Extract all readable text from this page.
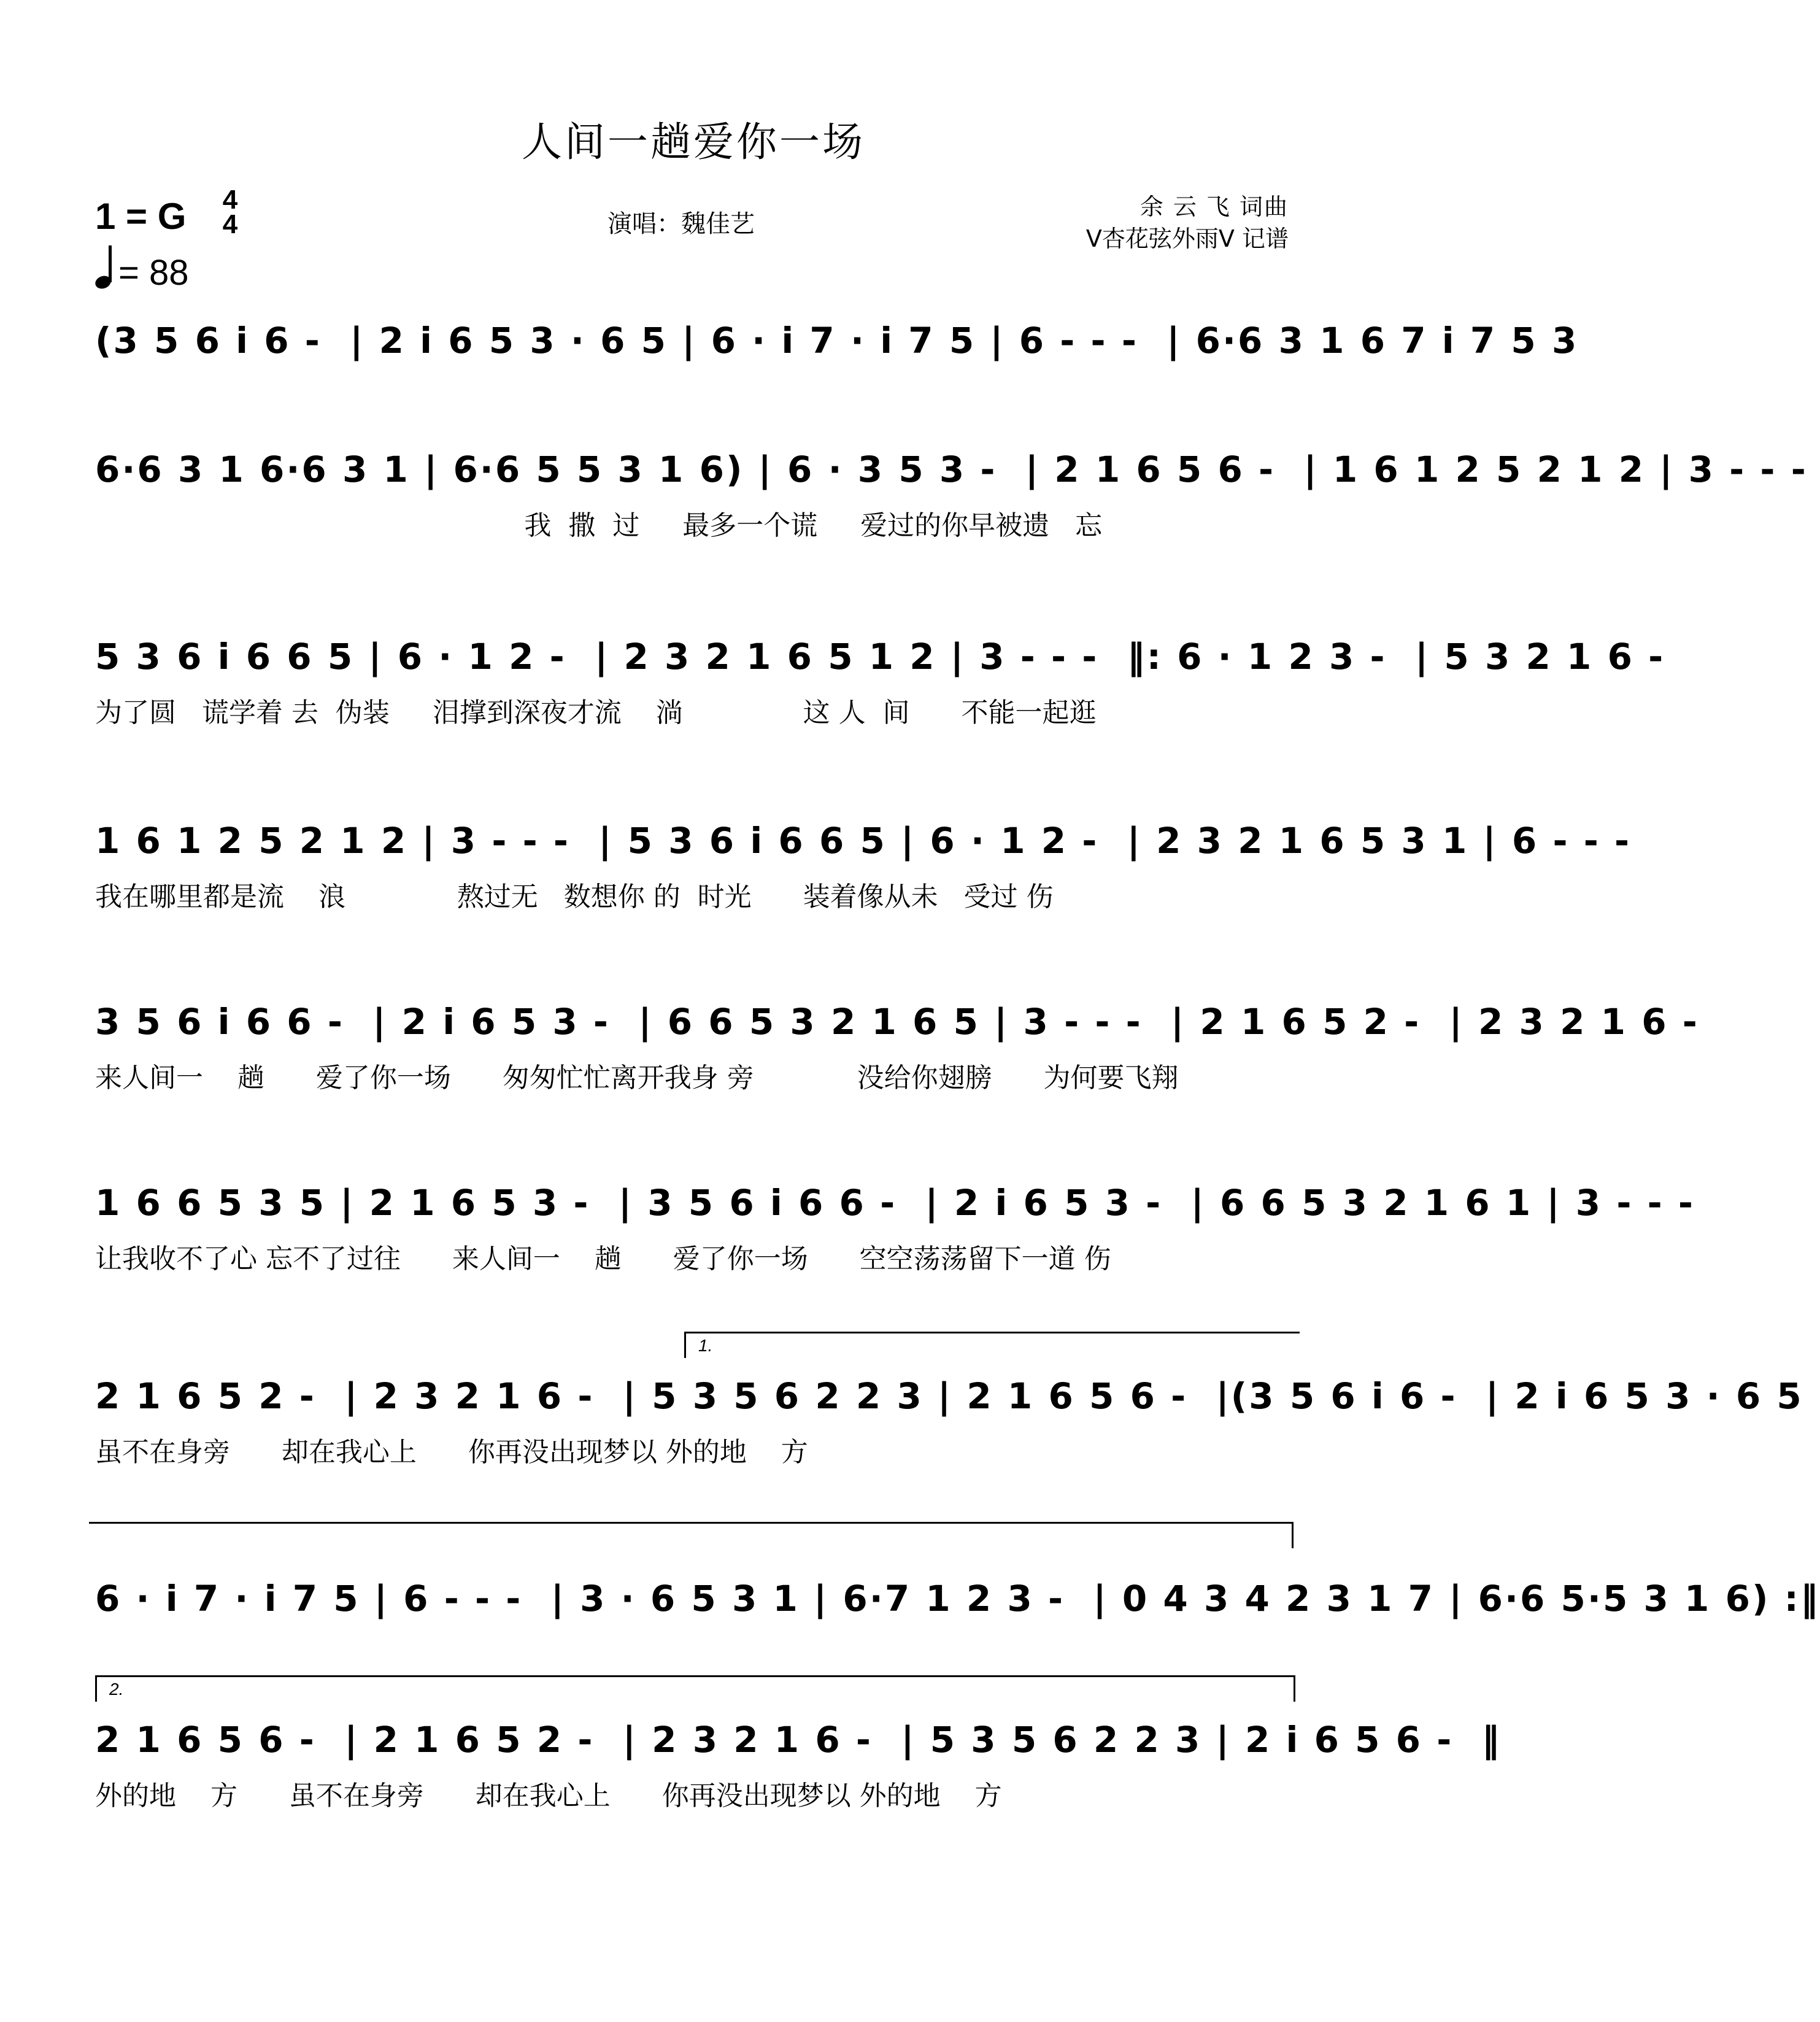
人间一趟爱你一场
1 = G 4
4
= 88
演唱：魏佳艺
余 云 飞 词曲
V杏花弦外雨V 记谱
(3 5 6 i 6 -  | 2 i 6 5 3 · 6 5 | 6 · i 7 · i 7 5 | 6 - - -  | 6·6 3 1 6 7 i 7 5 3
6·6 3 1 6·6 3 1 | 6·6 5 5 3 1 6) | 6 · 3 5 3 -  | 2 1 6 5 6 -  | 1 6 1 2 5 2 1 2 | 3 - - -
我  撒  过     最多一个谎     爱过的你早被遗   忘
5 3 6 i 6 6 5 | 6 · 1 2 -  | 2 3 2 1 6 5 1 2 | 3 - - -  ‖: 6 · 1 2 3 -  | 5 3 2 1 6 -
为了圆   谎学着 去  伪装     泪撑到深夜才流    淌              这 人  间      不能一起逛
1 6 1 2 5 2 1 2 | 3 - - -  | 5 3 6 i 6 6 5 | 6 · 1 2 -  | 2 3 2 1 6 5 3 1 | 6 - - -
我在哪里都是流    浪             熬过无   数想你 的  时光      装着像从未   受过 伤
3 5 6 i 6 6 -  | 2 i 6 5 3 -  | 6 6 5 3 2 1 6 5 | 3 - - -  | 2 1 6 5 2 -  | 2 3 2 1 6 -
来人间一    趟      爱了你一场      匆匆忙忙离开我身 旁            没给你翅膀      为何要飞翔
1 6 6 5 3 5 | 2 1 6 5 3 -  | 3 5 6 i 6 6 -  | 2 i 6 5 3 -  | 6 6 5 3 2 1 6 1 | 3 - - -
让我收不了心 忘不了过往      来人间一    趟      爱了你一场      空空荡荡留下一道 伤
1.
2 1 6 5 2 -  | 2 3 2 1 6 -  | 5 3 5 6 2 2 3 | 2 1 6 5 6 -  |(3 5 6 i 6 -  | 2 i 6 5 3 · 6 5
虽不在身旁      却在我心上      你再没出现梦以 外的地    方
6 · i 7 · i 7 5 | 6 - - -  | 3 · 6 5 3 1 | 6·7 1 2 3 -  | 0 4 3 4 2 3 1 7 | 6·6 5·5 3 1 6) :‖
2.
2 1 6 5 6 -  | 2 1 6 5 2 -  | 2 3 2 1 6 -  | 5 3 5 6 2 2 3 | 2 i 6 5 6 -  ‖
外的地    方      虽不在身旁      却在我心上      你再没出现梦以 外的地    方
